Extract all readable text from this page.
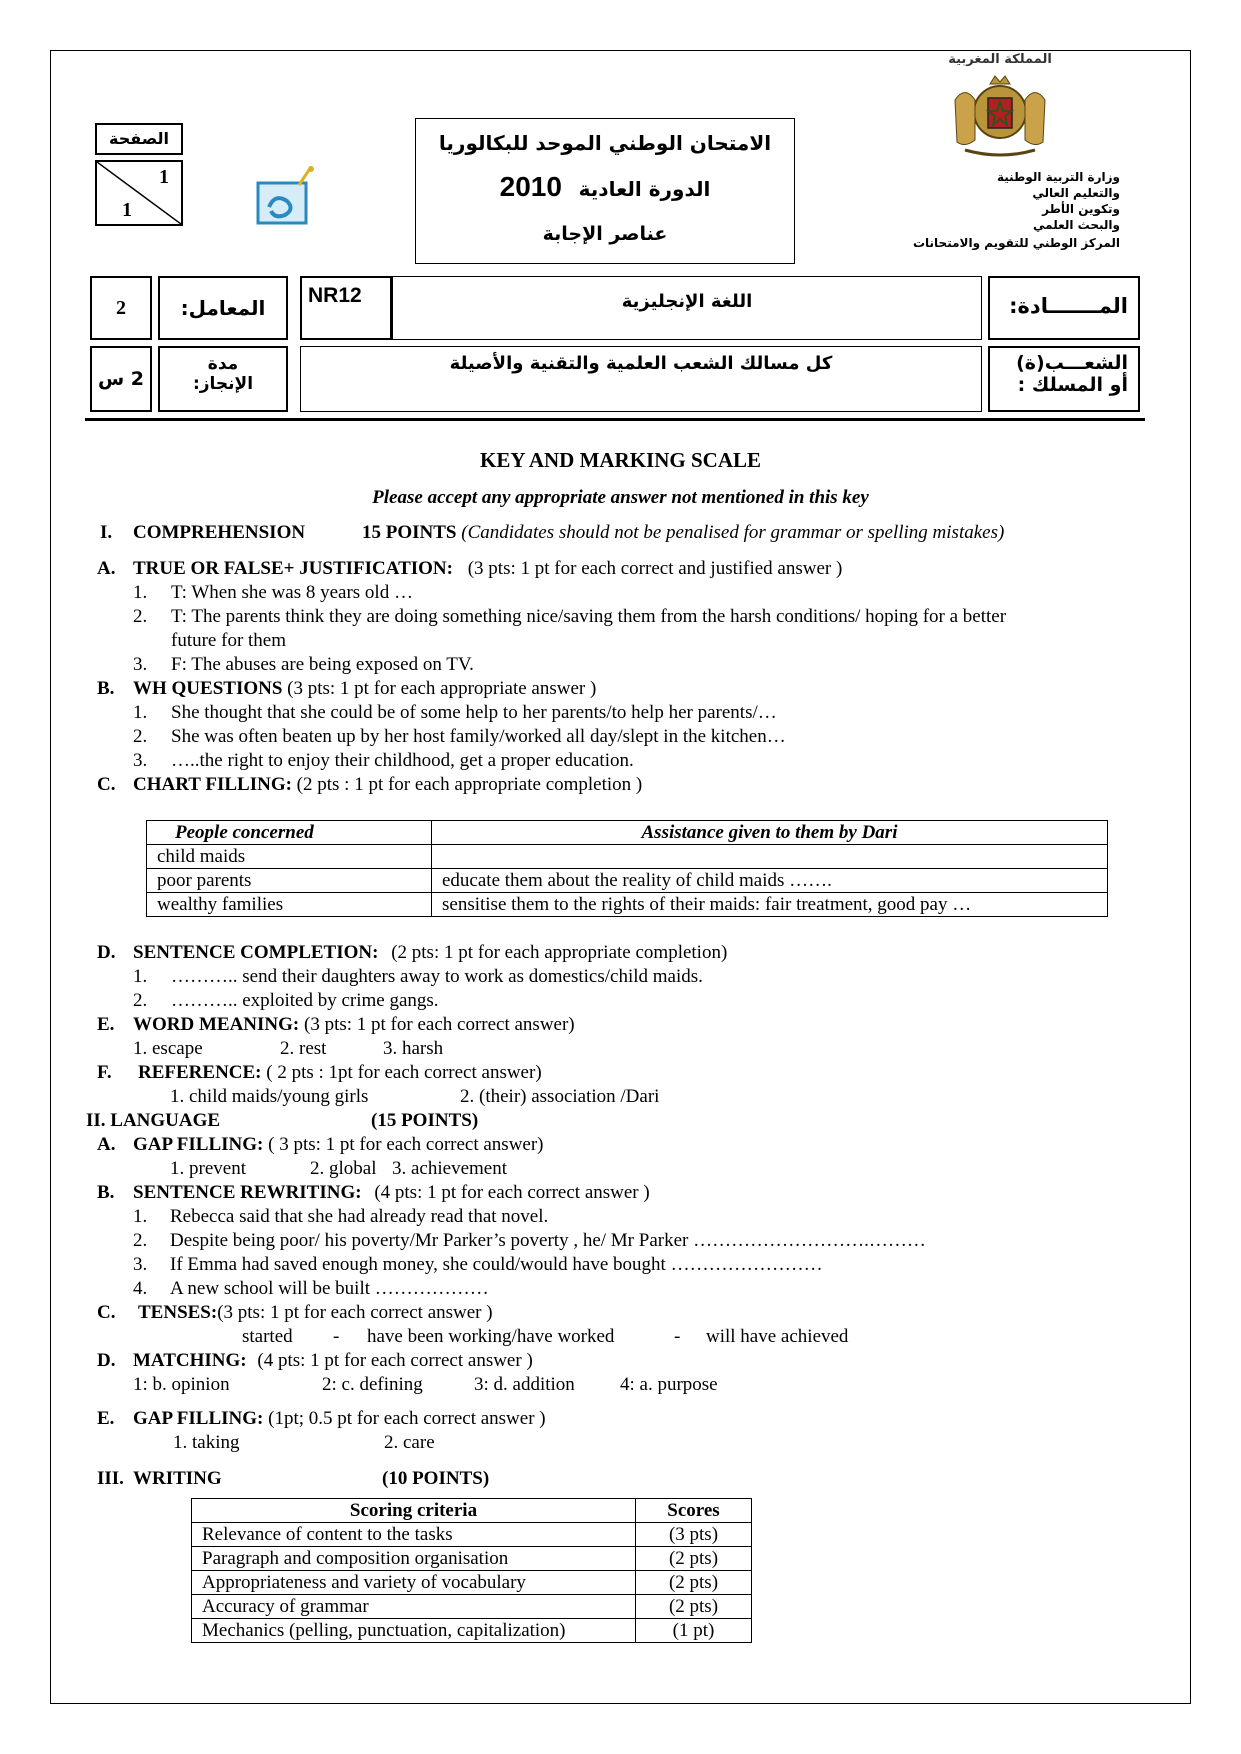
المملكة المغربية
وزارة التربية الوطنية
والتعليم العالي
وتكوين الأطر
والبحث العلمي
المركز الوطني للتقويم والامتحانات
الامتحان الوطني الموحد للبكالوريا
الدورة العادية 2010
عناصر الإجابة
الصفحة
1
1
2	المعامل:
NR12	اللغة الإنجليزية	المـــــــادة:
2 س
مدة
الإنجاز:
كل مسالك الشعب العلمية والتقنية والأصيلة	الشعـــب(ة)
أو المسلك :
KEY AND MARKING SCALE
Please accept any appropriate answer not mentioned in this key
I. COMPREHENSION	15 POINTS (Candidates should not be penalised for grammar or spelling mistakes)
A. TRUE OR FALSE+ JUSTIFICATION: (3 pts: 1 pt for each correct and justified answer )
1. T: When she was 8 years old …
2. T: The parents think they are doing something nice/saving them from the harsh conditions/ hoping for a better
future for them
3. F: The abuses are being exposed on TV.
B. WH QUESTIONS (3 pts: 1 pt for each appropriate answer )
1. She thought that she could be of some help to her parents/to help her parents/…
2. She was often beaten up by her host family/worked all day/slept in the kitchen…
3. …..the right to enjoy their childhood, get a proper education.
C. CHART FILLING: (2 pts : 1 pt for each appropriate completion )
People concerned	Assistance given to them by Dari
child maids	
poor parents	educate them about the reality of child maids …….
wealthy families	sensitise them to the rights of their maids: fair treatment, good pay …
D. SENTENCE COMPLETION: (2 pts: 1 pt for each appropriate completion)
1. ……….. send their daughters away to work as domestics/child maids.
2. ……….. exploited by crime gangs.
E. WORD MEANING: (3 pts: 1 pt for each correct answer)
1. escape	2. rest	3. harsh
F. REFERENCE: ( 2 pts : 1pt for each correct answer)
1. child maids/young girls	2. (their) association /Dari
II. LANGUAGE	(15 POINTS)
A. GAP FILLING: ( 3 pts: 1 pt for each correct answer)
1. prevent	2. global 3. achievement
B. SENTENCE REWRITING: (4 pts: 1 pt for each correct answer )
1. Rebecca said that she had already read that novel.
2. Despite being poor/ his poverty/Mr Parker’s poverty , he/ Mr Parker ……………………….………
3. If Emma had saved enough money, she could/would have bought ……………………
4. A new school will be built ………………
C. TENSES:(3 pts: 1 pt for each correct answer )
started - have been working/have worked	- will have achieved
D. MATCHING: (4 pts: 1 pt for each correct answer )
1: b. opinion	2: c. defining	3: d. addition 4: a. purpose
E. GAP FILLING: (1pt; 0.5 pt for each correct answer )
1. taking	2. care
III. WRITING	(10 POINTS)
Scoring criteria	Scores
Relevance of content to the tasks	(3 pts)
Paragraph and composition organisation	(2 pts)
Appropriateness and variety of vocabulary	(2 pts)
Accuracy of grammar	(2 pts)
Mechanics (pelling, punctuation, capitalization)	(1 pt)
